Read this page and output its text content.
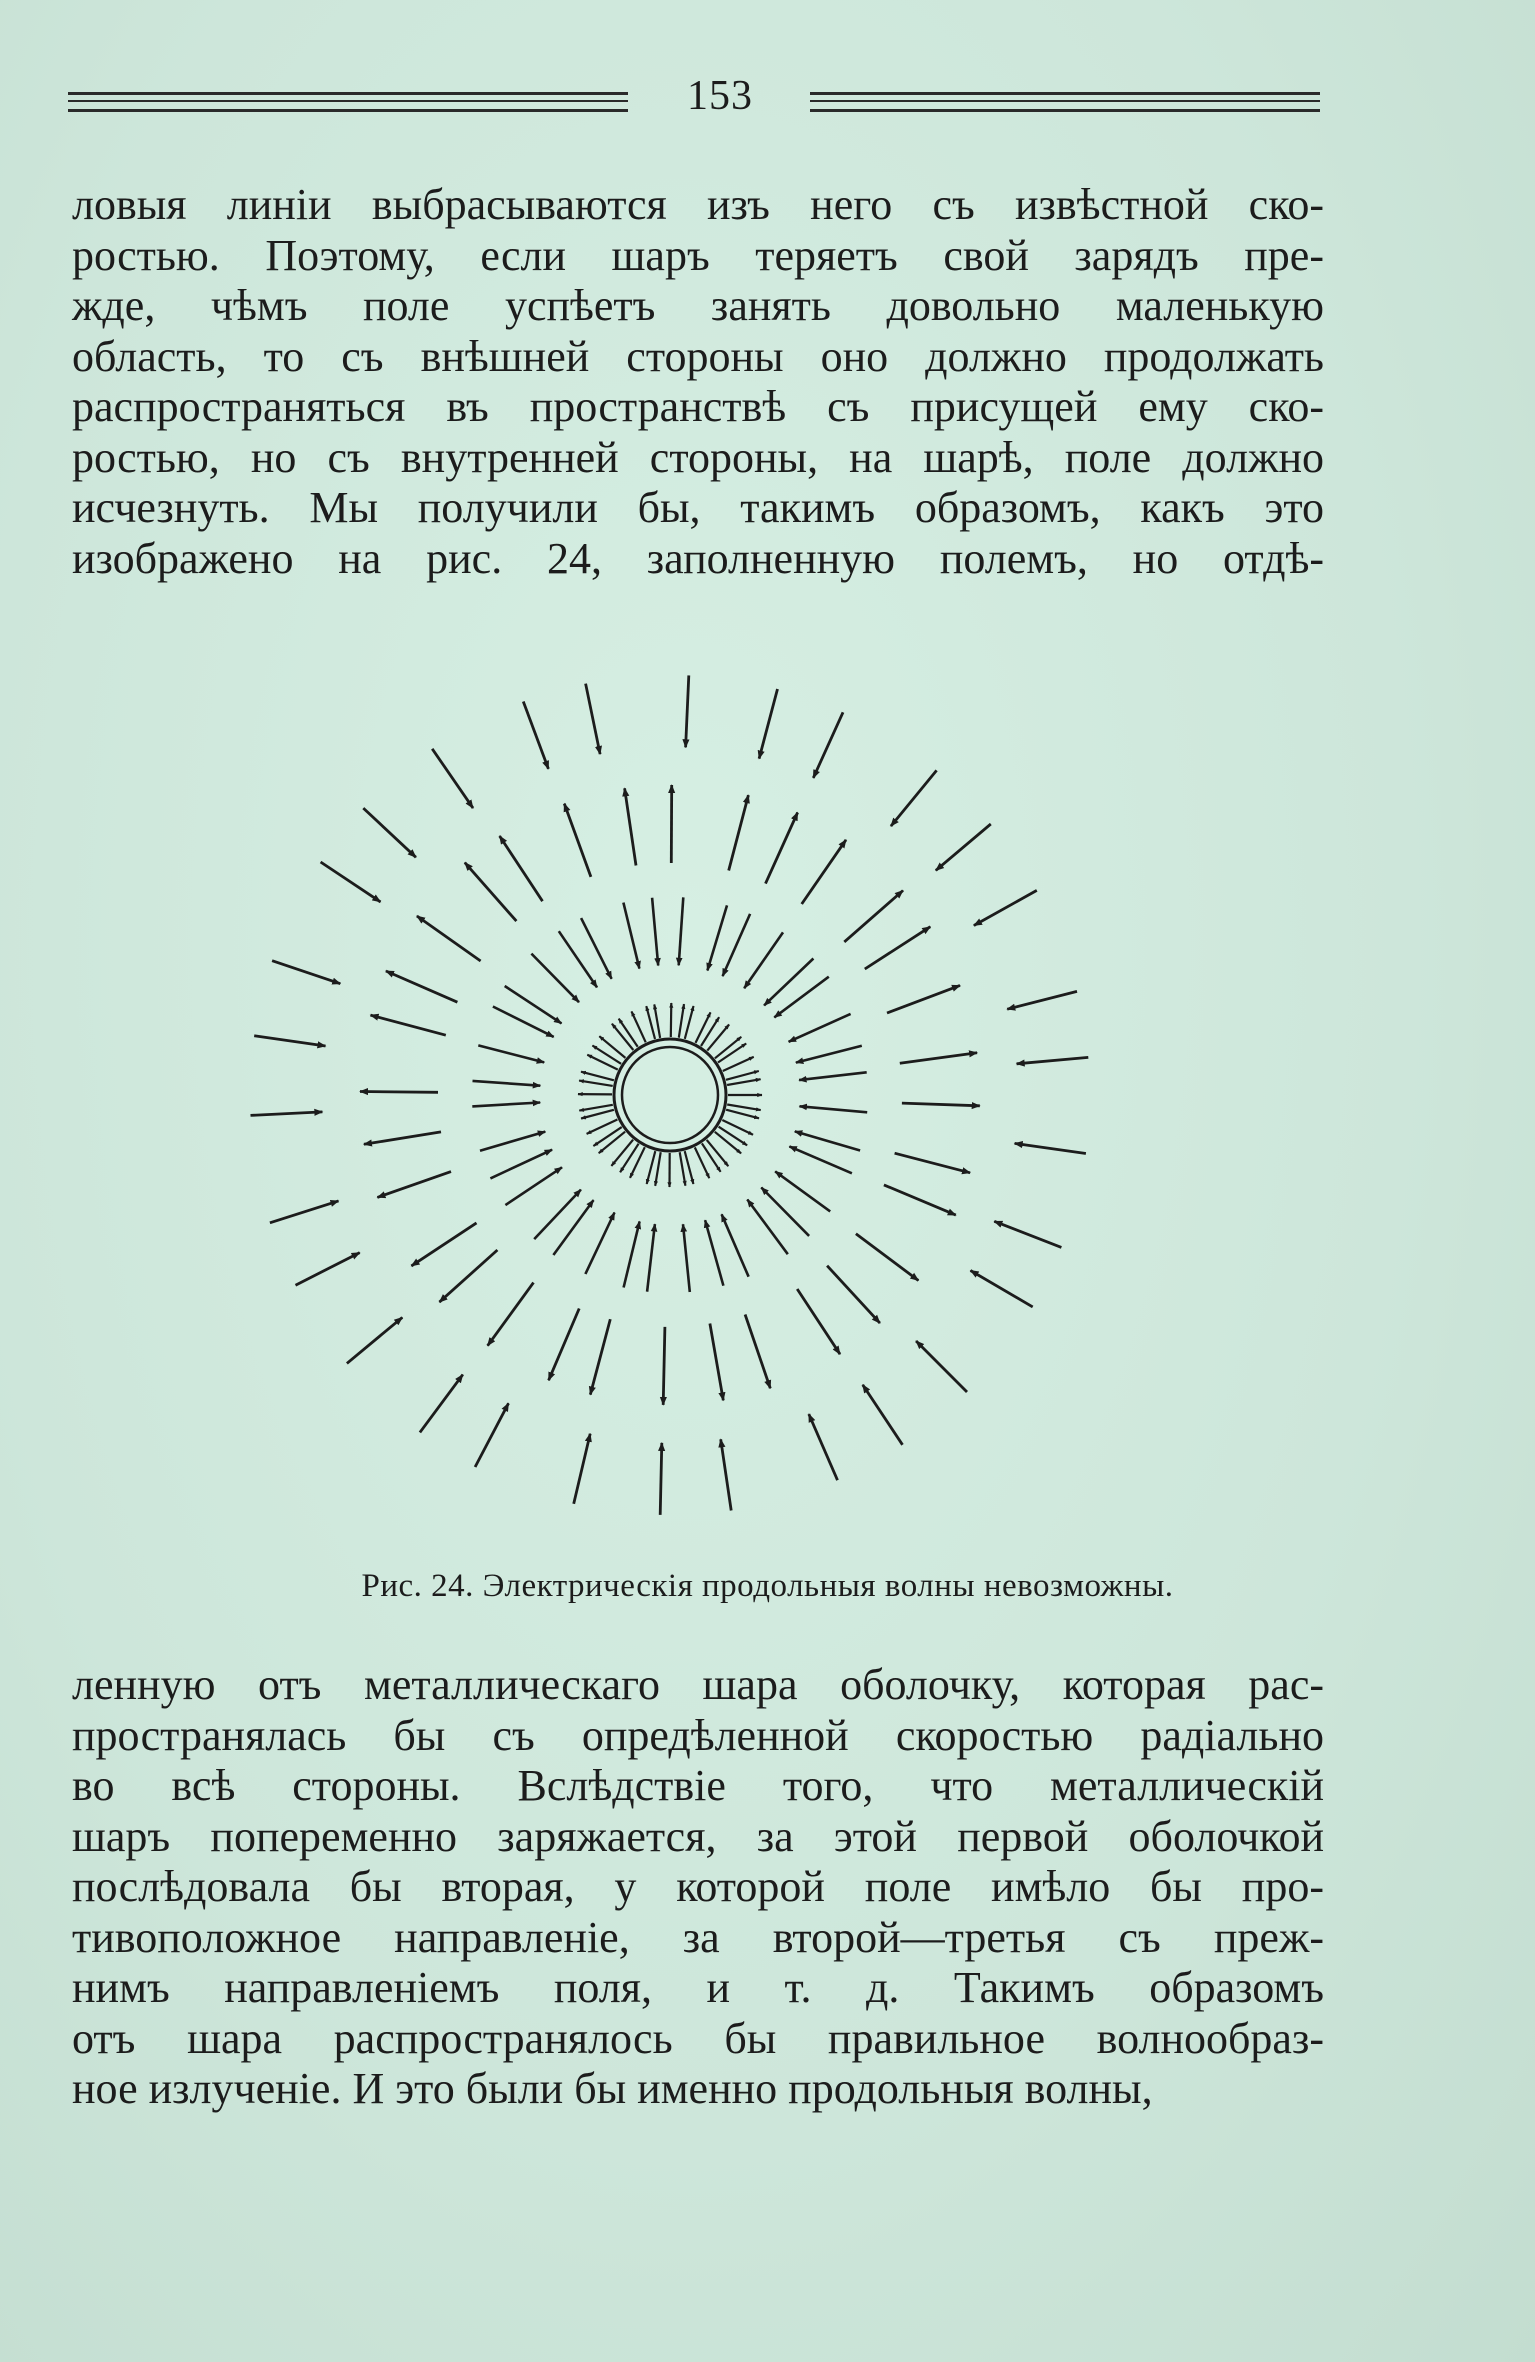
153
ловыя линіи выбрасываются изъ него съ извѣстной ско-
ростью. Поэтому, если шаръ теряетъ свой зарядъ пре-
жде, чѣмъ поле успѣетъ занять довольно маленькую
область, то съ внѣшней стороны оно должно продолжать
распространяться въ пространствѣ съ присущей ему ско-
ростью, но съ внутренней стороны, на шарѣ, поле должно
исчезнуть. Мы получили бы, такимъ образомъ, какъ это
изображено на рис. 24, заполненную полемъ, но отдѣ-
Рис. 24. Электрическія продольныя волны невозможны.
ленную отъ металлическаго шара оболочку, которая рас-
пространялась бы съ опредѣленной скоростью радіально
во всѣ стороны. Вслѣдствіе того, что металлическій
шаръ попеременно заряжается, за этой первой оболочкой
послѣдовала бы вторая, у которой поле имѣло бы про-
тивоположное направленіе, за второй—третья съ преж-
нимъ направленіемъ поля, и т. д. Такимъ образомъ
отъ шара распространялось бы правильное волнообраз-
ное излученіе. И это были бы именно продольныя волны,
